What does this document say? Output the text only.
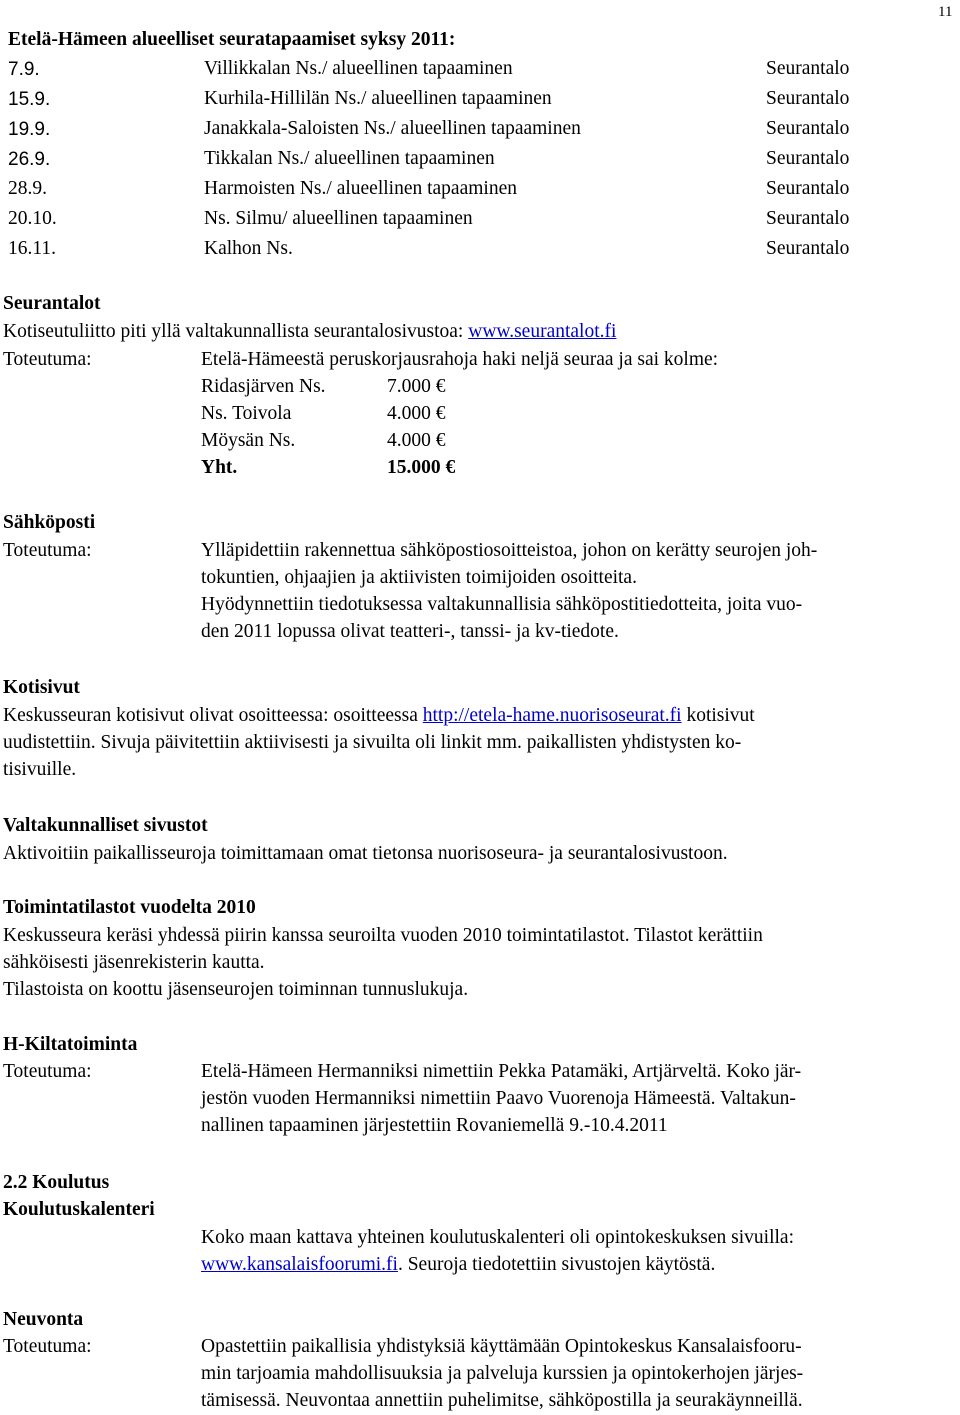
11
Etelä-Hämeen alueelliset seuratapaamiset syksy 2011:
7.9.	Villikkalan Ns./ alueellinen tapaaminen	Seurantalo
15.9.	Kurhila-Hillilän Ns./ alueellinen tapaaminen	Seurantalo
19.9.	Janakkala-Saloisten Ns./ alueellinen tapaaminen	Seurantalo
26.9.	Tikkalan Ns./ alueellinen tapaaminen	Seurantalo
28.9.	Harmoisten Ns./ alueellinen tapaaminen	Seurantalo
20.10.	Ns. Silmu/ alueellinen tapaaminen	Seurantalo
16.11.	Kalhon Ns.	Seurantalo
Seurantalot
Kotiseutuliitto piti yllä valtakunnallista seurantalosivustoa: www.seurantalot.fi
Toteutuma:	Etelä-Hämeestä peruskorjausrahoja haki neljä seuraa ja sai kolme:
Ridasjärven Ns.	7.000 €
Ns. Toivola	4.000 €
Möysän Ns.	4.000 €
Yht.	15.000 €
Sähköposti
Toteutuma:	Ylläpidettiin rakennettua sähköpostiosoitteistoa, johon on kerätty seurojen joh-
tokuntien, ohjaajien ja aktiivisten toimijoiden osoitteita.
Hyödynnettiin tiedotuksessa valtakunnallisia sähköpostitiedotteita, joita vuo-
den 2011 lopussa olivat teatteri-, tanssi- ja kv-tiedote.
Kotisivut
Keskusseuran kotisivut olivat osoitteessa: osoitteessa http://etela-hame.nuorisoseurat.fi kotisivut
uudistettiin. Sivuja päivitettiin aktiivisesti ja sivuilta oli linkit mm. paikallisten yhdistysten ko-
tisivuille.
Valtakunnalliset sivustot
Aktivoitiin paikallisseuroja toimittamaan omat tietonsa nuorisoseura- ja seurantalosivustoon.
Toimintatilastot vuodelta 2010
Keskusseura keräsi yhdessä piirin kanssa seuroilta vuoden 2010 toimintatilastot. Tilastot kerättiin
sähköisesti jäsenrekisterin kautta.
Tilastoista on koottu jäsenseurojen toiminnan tunnuslukuja.
H-Kiltatoiminta
Toteutuma:	Etelä-Hämeen Hermanniksi nimettiin Pekka Patamäki, Artjärveltä. Koko jär-
jestön vuoden Hermanniksi nimettiin Paavo Vuorenoja Hämeestä. Valtakun-
nallinen tapaaminen järjestettiin Rovaniemellä 9.-10.4.2011
2.2 Koulutus
Koulutuskalenteri
Koko maan kattava yhteinen koulutuskalenteri oli opintokeskuksen sivuilla:
www.kansalaisfoorumi.fi. Seuroja tiedotettiin sivustojen käytöstä.
Neuvonta
Toteutuma:	Opastettiin paikallisia yhdistyksiä käyttämään Opintokeskus Kansalaisfooru-
min tarjoamia mahdollisuuksia ja palveluja kurssien ja opintokerhojen järjes-
tämisessä. Neuvontaa annettiin puhelimitse, sähköpostilla ja seurakäynneillä.
